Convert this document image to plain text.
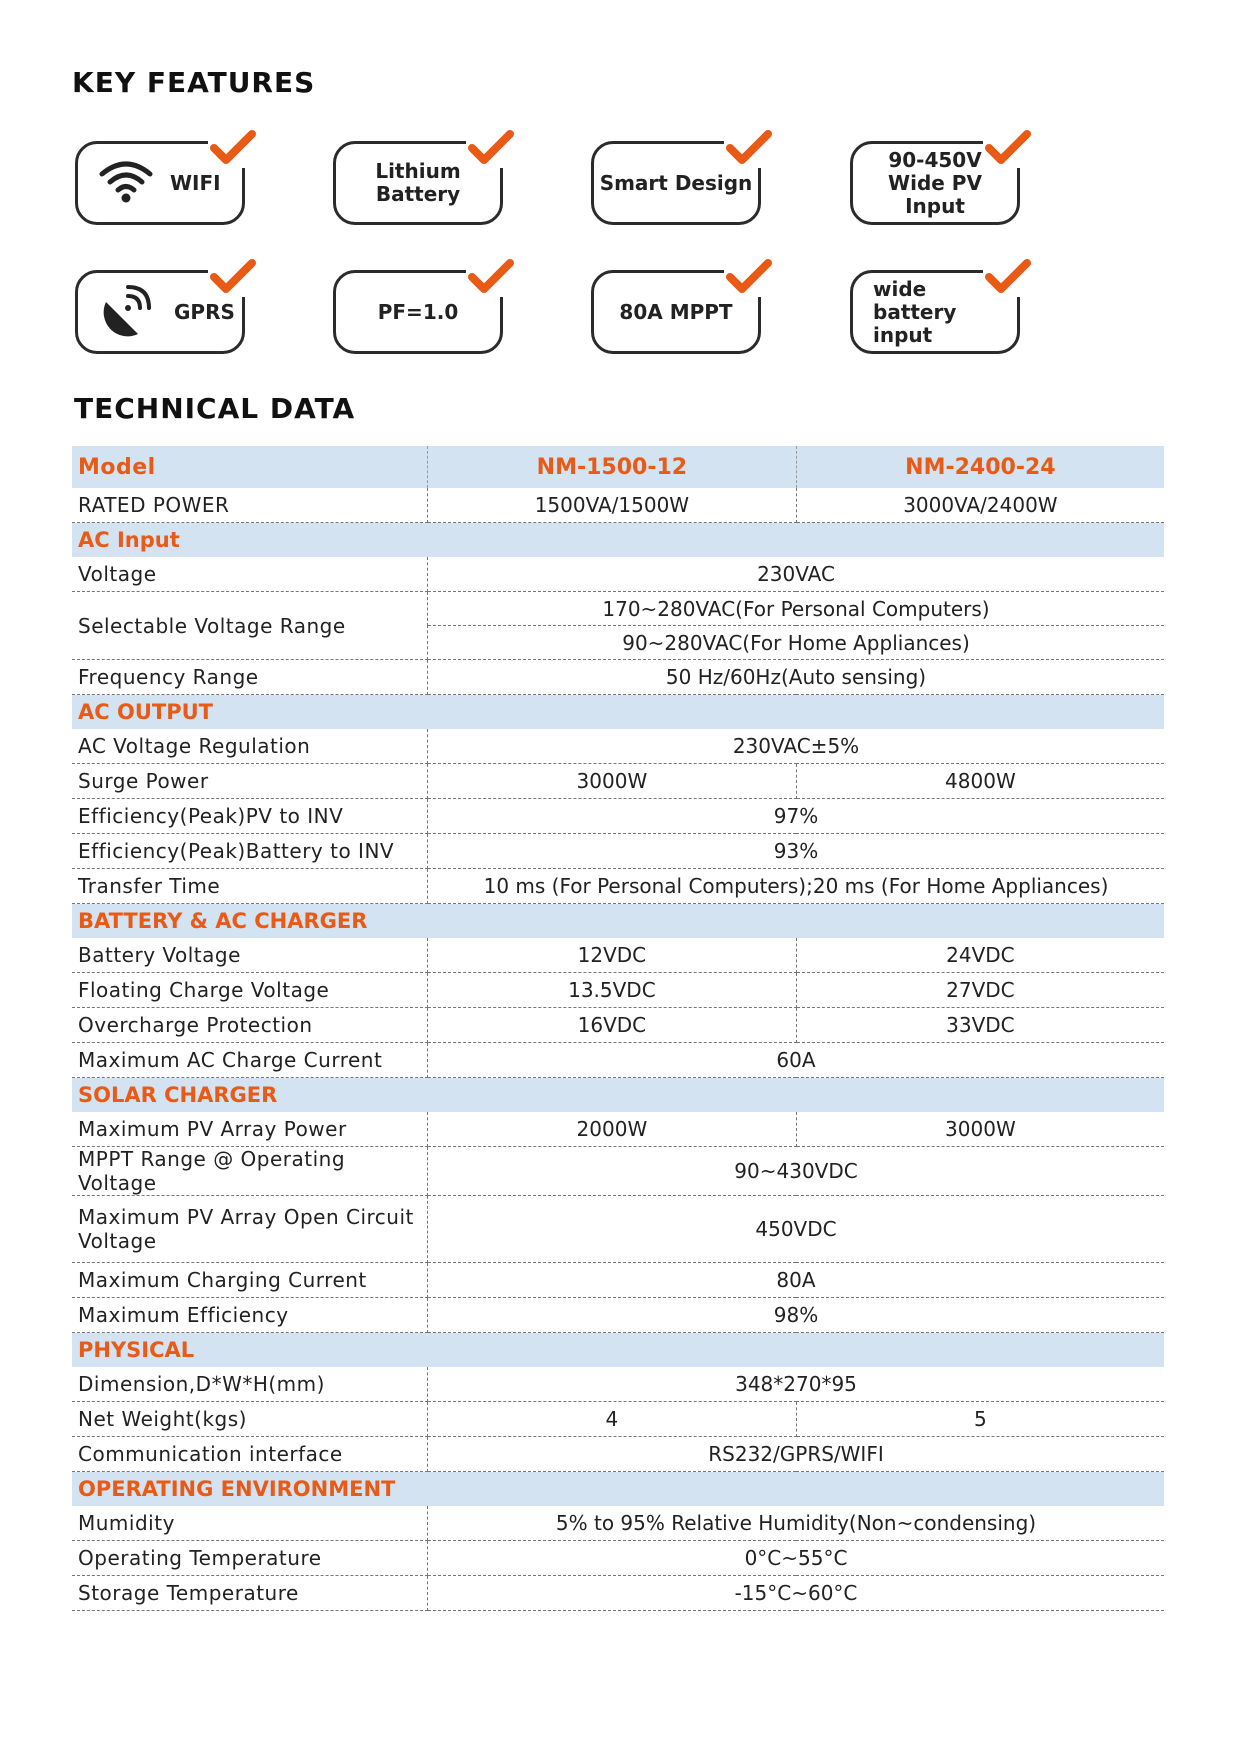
KEY FEATURES
WIFI	Lithium Battery	Smart Design
90-450V
Wide PV Input
GPRS	PF=1.0	80A MPPT
wide battery
input
TECHNICAL DATA
Model	NM-1500-12	NM-2400-24
RATED POWER	1500VA/1500W	3000VA/2400W
AC Input		
Voltage	230VAC	
Selectable Voltage Range	170~280VAC(For Personal Computers)	
	90~280VAC(For Home Appliances)	
Frequency Range	50 Hz/60Hz(Auto sensing)	
AC OUTPUT		
AC Voltage Regulation	230VAC±5%	
Surge Power	3000W	4800W
Efficiency(Peak)PV to INV	97%	
Efficiency(Peak)Battery to INV	93%	
Transfer Time	10 ms (For Personal Computers);20 ms (For Home Appliances)	
BATTERY & AC CHARGER		
Battery Voltage	12VDC	24VDC
Floating Charge Voltage	13.5VDC	27VDC
Overcharge Protection	16VDC	33VDC
Maximum AC Charge Current	60A	
SOLAR CHARGER		
Maximum PV Array Power	2000W	3000W
MPPT Range @ Operating Voltage	90~430VDC	
Maximum PV Array Open Circuit Voltage	450VDC	
Maximum Charging Current	80A	
Maximum Efficiency	98%	
PHYSICAL		
Dimension,D*W*H(mm)	348*270*95	
Net Weight(kgs)	4	5
Communication interface	RS232/GPRS/WIFI	
OPERATING ENVIRONMENT		
Mumidity	5% to 95% Relative Humidity(Non~condensing)	
Operating Temperature	0°C~55°C	
Storage Temperature	-15°C~60°C	
